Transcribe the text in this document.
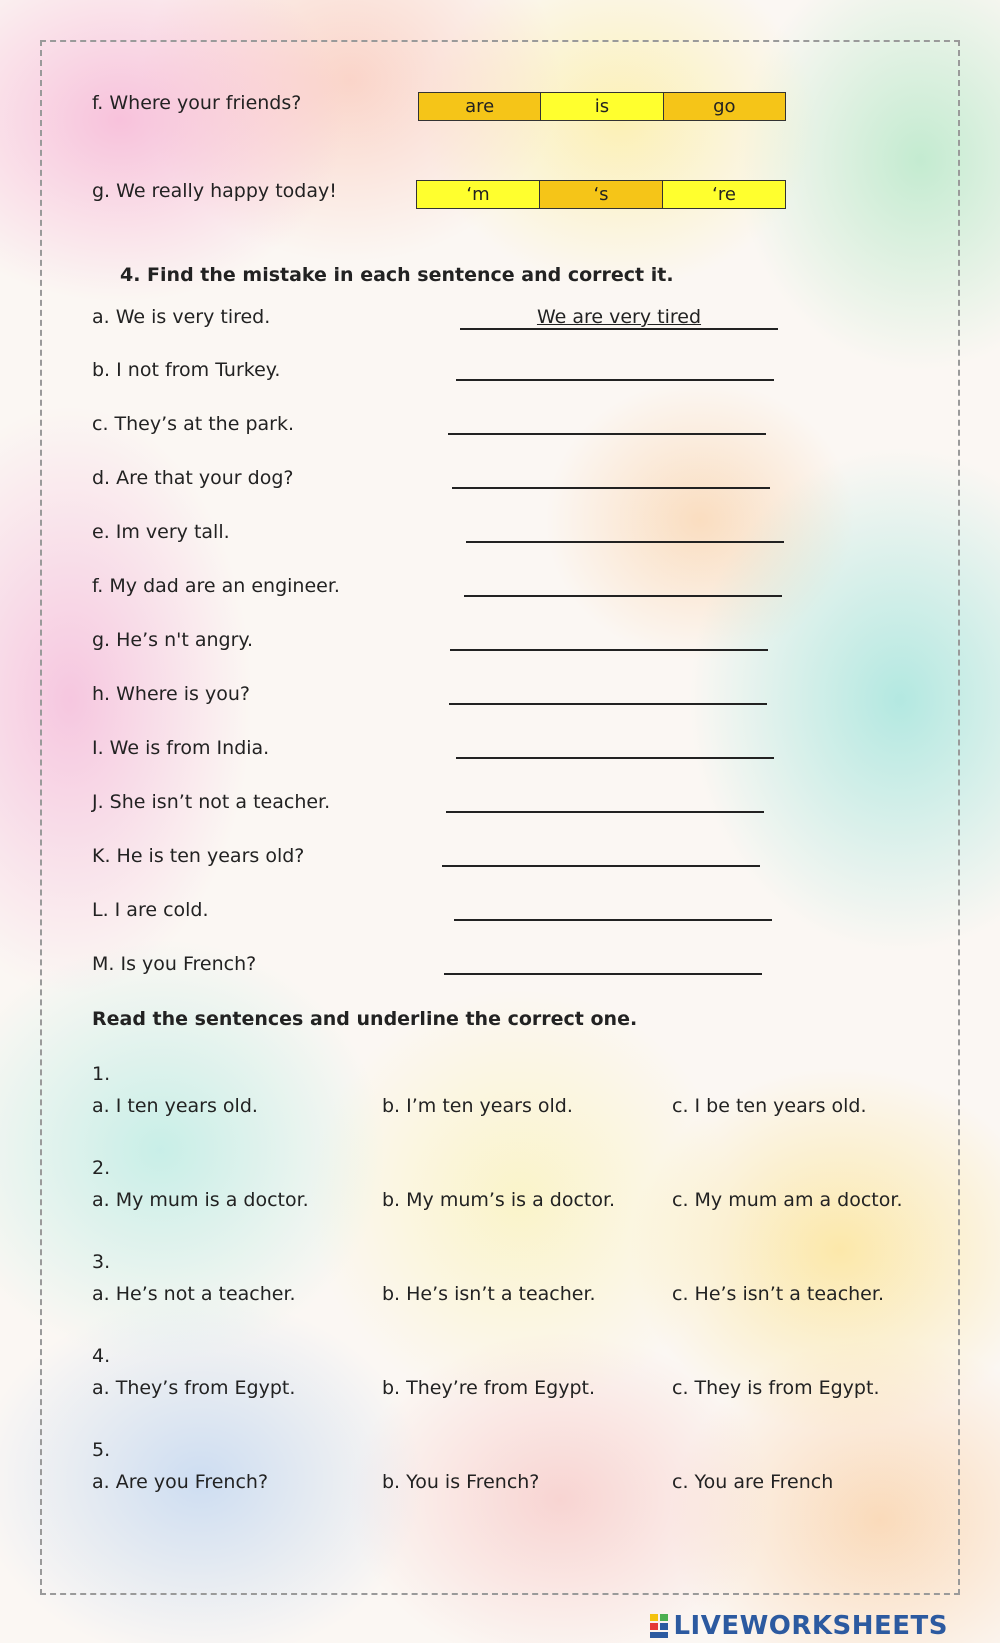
f. Where your friends?	are	is	go
g. We really happy today!	‘m	‘s	‘re
4. Find the mistake in each sentence and correct it.
a. We is very tired.	We are very tired
b. I not from Turkey.
c. They’s at the park.
d. Are that your dog?
e. Im very tall.
f. My dad are an engineer.
g. He’s n't angry.
h. Where is you?
I. We is from India.
J. She isn’t not a teacher.
K. He is ten years old?
L. I are cold.
M. Is you French?
Read the sentences and underline the correct one.
1.
a. I ten years old.	b. I’m ten years old.	c. I be ten years old.
2.
a. My mum is a doctor.	b. My mum’s is a doctor.	c. My mum am a doctor.
3.
a. He’s not a teacher.	b. He’s isn’t a teacher.	c. He’s isn’t a teacher.
4.
a. They’s from Egypt.	b. They’re from Egypt.	c. They is from Egypt.
5.
a. Are you French?	b. You is French?	c. You are French
LIVEWORKSHEETS
